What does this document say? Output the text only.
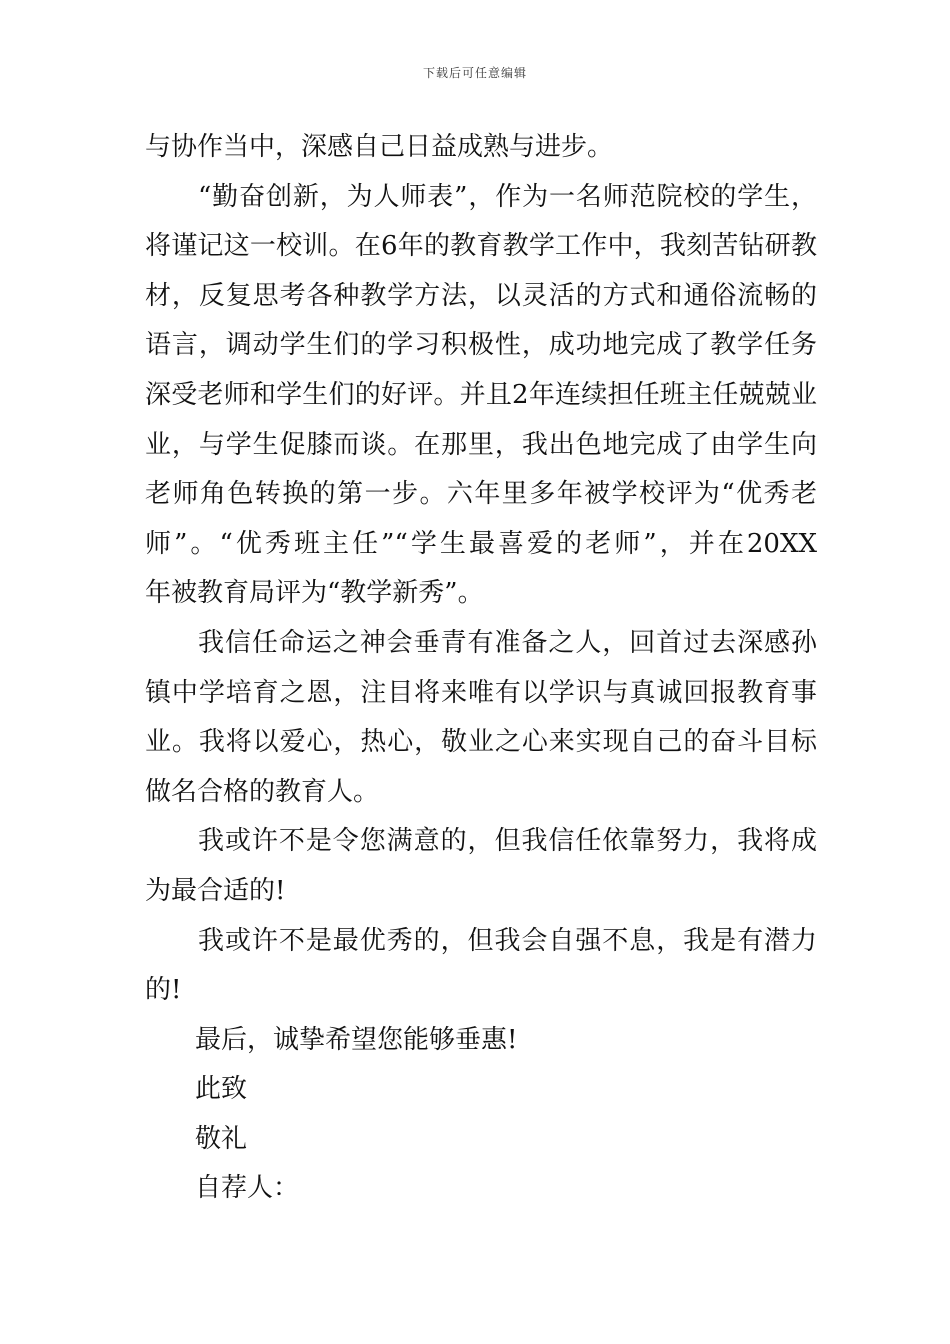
下载后可任意编辑
与协作当中，深感自己日益成熟与进步。
“勤奋创新，为人师表”，作为一名师范院校的学生，
将谨记这一校训。在6年的教育教学工作中，我刻苦钻研教
材，反复思考各种教学方法，以灵活的方式和通俗流畅的
语言，调动学生们的学习积极性，成功地完成了教学任务
深受老师和学生们的好评。并且2年连续担任班主任兢兢业
业，与学生促膝而谈。在那里，我出色地完成了由学生向
老师角色转换的第一步。六年里多年被学校评为“优秀老
师”。“优秀班主任”“学生最喜爱的老师”，并在20XX
年被教育局评为“教学新秀”。
我信任命运之神会垂青有准备之人，回首过去深感孙
镇中学培育之恩，注目将来唯有以学识与真诚回报教育事
业。我将以爱心，热心，敬业之心来实现自己的奋斗目标
做名合格的教育人。
我或许不是令您满意的，但我信任依靠努力，我将成
为最合适的!
我或许不是最优秀的，但我会自强不息，我是有潜力
的!
最后，诚挚希望您能够垂惠!
此致
敬礼
自荐人：
